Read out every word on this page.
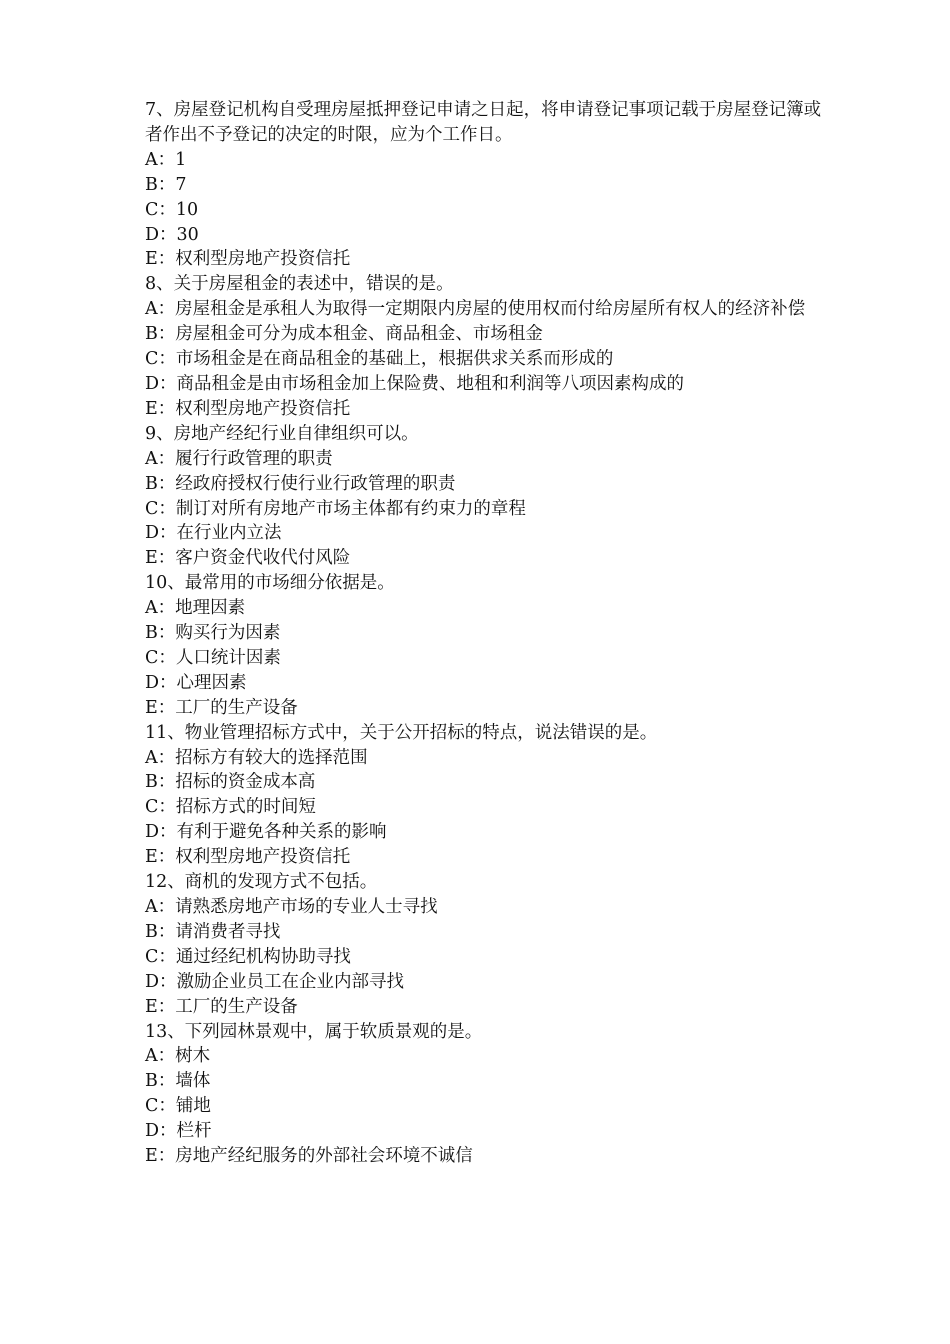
7、房屋登记机构自受理房屋抵押登记申请之日起，将申请登记事项记载于房屋登记簿或者作出不予登记的决定的时限，应为个工作日。
A：1
B：7
C：10
D：30
E：权利型房地产投资信托
8、关于房屋租金的表述中，错误的是。
A：房屋租金是承租人为取得一定期限内房屋的使用权而付给房屋所有权人的经济补偿
B：房屋租金可分为成本租金、商品租金、市场租金
C：市场租金是在商品租金的基础上，根据供求关系而形成的
D：商品租金是由市场租金加上保险费、地租和利润等八项因素构成的
E：权利型房地产投资信托
9、房地产经纪行业自律组织可以。
A：履行行政管理的职责
B：经政府授权行使行业行政管理的职责
C：制订对所有房地产市场主体都有约束力的章程
D：在行业内立法
E：客户资金代收代付风险
10、最常用的市场细分依据是。
A：地理因素
B：购买行为因素
C：人口统计因素
D：心理因素
E：工厂的生产设备
11、物业管理招标方式中，关于公开招标的特点，说法错误的是。
A：招标方有较大的选择范围
B：招标的资金成本高
C：招标方式的时间短
D：有利于避免各种关系的影响
E：权利型房地产投资信托
12、商机的发现方式不包括。
A：请熟悉房地产市场的专业人士寻找
B：请消费者寻找
C：通过经纪机构协助寻找
D：激励企业员工在企业内部寻找
E：工厂的生产设备
13、下列园林景观中，属于软质景观的是。
A：树木
B：墙体
C：铺地
D：栏杆
E：房地产经纪服务的外部社会环境不诚信
